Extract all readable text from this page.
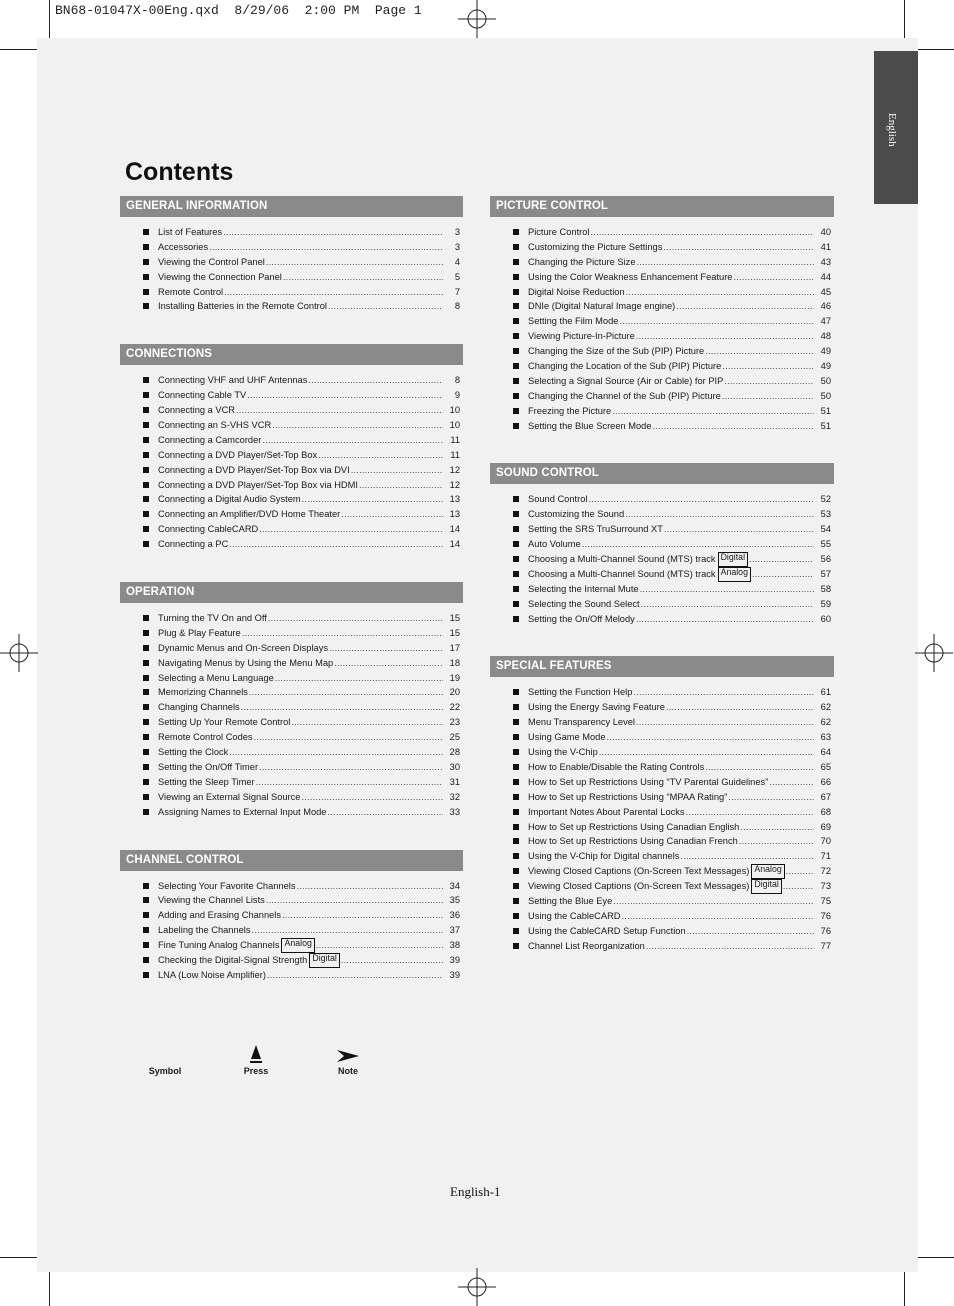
BN68-01047X-00Eng.qxd  8/29/06  2:00 PM  Page 1
English
Contents
GENERAL INFORMATION
List of Features .....	3
Accessories .....	3
Viewing the Control Panel .....	4
Viewing the Connection Panel .....	5
Remote Control .....	7
Installing Batteries in the Remote Control .....	8
CONNECTIONS
Connecting VHF and UHF Antennas .....	8
Connecting Cable TV .....	9
Connecting a VCR .....	10
Connecting an S-VHS VCR .....	10
Connecting a Camcorder .....	11
Connecting a DVD Player/Set-Top Box .....	11
Connecting a DVD Player/Set-Top Box via DVI .....	12
Connecting a DVD Player/Set-Top Box via HDMI .....	12
Connecting a Digital Audio System .....	13
Connecting an Amplifier/DVD Home Theater .....	13
Connecting CableCARD .....	14
Connecting a PC .....	14
OPERATION
Turning the TV On and Off .....	15
Plug & Play Feature .....	15
Dynamic Menus and On-Screen Displays .....	17
Navigating Menus by Using the Menu Map .....	18
Selecting a Menu Language .....	19
Memorizing Channels .....	20
Changing Channels .....	22
Setting Up Your Remote Control .....	23
Remote Control Codes .....	25
Setting the Clock .....	28
Setting the On/Off Timer .....	30
Setting the Sleep Timer .....	31
Viewing an External Signal Source .....	32
Assigning Names to External Input Mode .....	33
CHANNEL CONTROL
Selecting Your Favorite Channels .....	34
Viewing the Channel Lists .....	35
Adding and Erasing Channels .....	36
Labeling the Channels .....	37
Fine Tuning Analog Channels Analog .....	38
Checking the Digital-Signal Strength Digital .....	39
LNA (Low Noise Amplifier) .....	39
PICTURE CONTROL
Picture Control .....	40
Customizing the Picture Settings .....	41
Changing the Picture Size .....	43
Using the Color Weakness Enhancement Feature .....	44
Digital Noise Reduction .....	45
DNIe (Digital Natural Image engine) .....	46
Setting the Film Mode .....	47
Viewing Picture-In-Picture .....	48
Changing the Size of the Sub (PIP) Picture .....	49
Changing the Location of the Sub (PIP) Picture .....	49
Selecting a Signal Source (Air or Cable) for PIP .....	50
Changing the Channel of the Sub (PIP) Picture .....	50
Freezing the Picture .....	51
Setting the Blue Screen Mode .....	51
SOUND CONTROL
Sound Control .....	52
Customizing the Sound .....	53
Setting the SRS TruSurround XT .....	54
Auto Volume .....	55
Choosing a Multi-Channel Sound (MTS) track Digital .....	56
Choosing a Multi-Channel Sound (MTS) track Analog .....	57
Selecting the Internal Mute .....	58
Selecting the Sound Select .....	59
Setting the On/Off Melody .....	60
SPECIAL FEATURES
Setting the Function Help .....	61
Using the Energy Saving Feature .....	62
Menu Transparency Level .....	62
Using Game Mode .....	63
Using the V-Chip .....	64
How to Enable/Disable the Rating Controls .....	65
How to Set up Restrictions Using “TV Parental Guidelines” .....	66
How to Set up Restrictions Using “MPAA Rating” .....	67
Important Notes About Parental Locks .....	68
How to Set up Restrictions Using Canadian English .....	69
How to Set up Restrictions Using Canadian French .....	70
Using the V-Chip for Digital channels .....	71
Viewing Closed Captions (On-Screen Text Messages) Analog .....	72
Viewing Closed Captions (On-Screen Text Messages) Digital .....	73
Setting the Blue Eye .....	75
Using the CableCARD .....	76
Using the CableCARD Setup Function .....	76
Channel List Reorganization .....	77
Symbol	Press	Note
English-1
